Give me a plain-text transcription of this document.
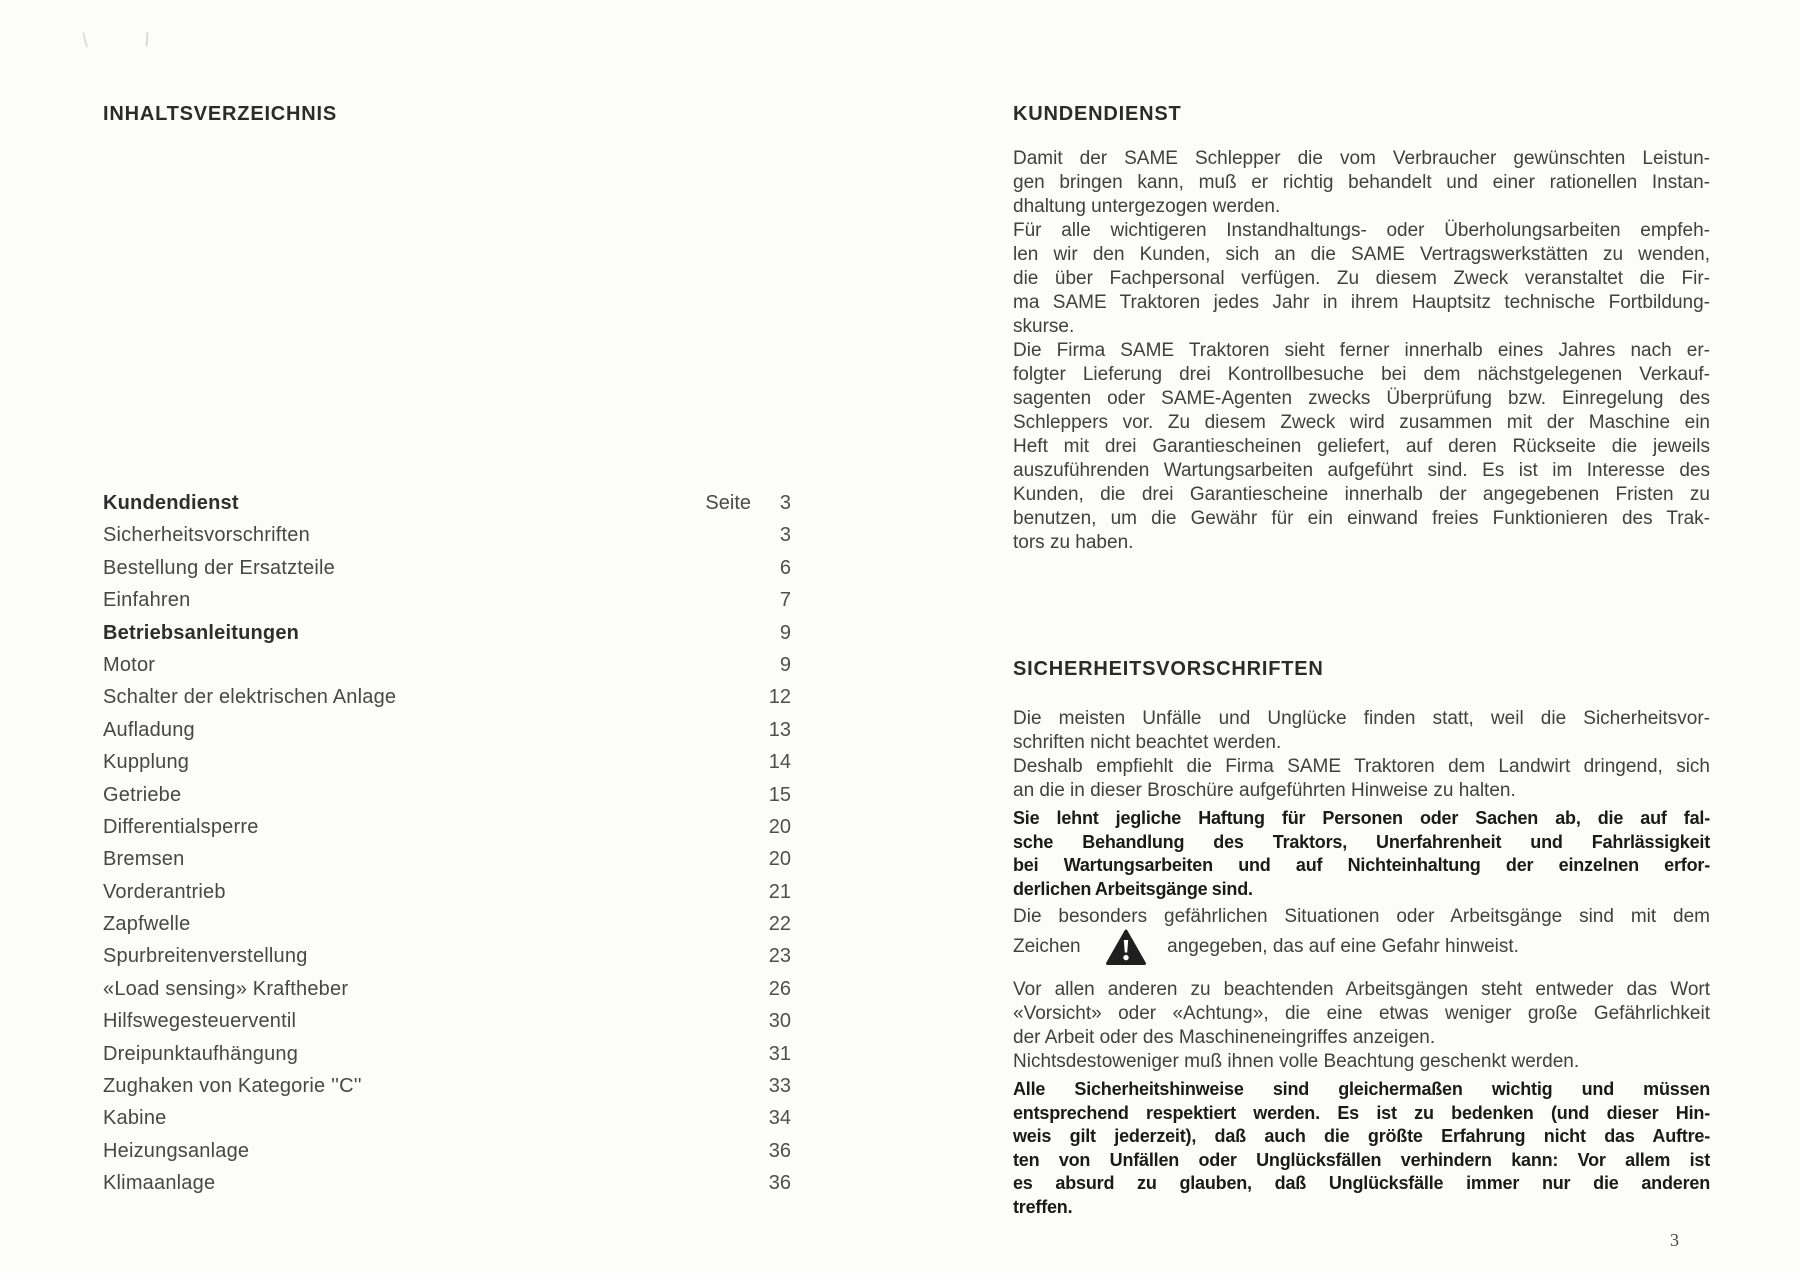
INHALTSVERZEICHNIS
Kundendienst	Seite	3
Sicherheitsvorschriften	3
Bestellung der Ersatzteile	6
Einfahren	7
Betriebsanleitungen	9
Motor	9
Schalter der elektrischen Anlage	12
Aufladung	13
Kupplung	14
Getriebe	15
Differentialsperre	20
Bremsen	20
Vorderantrieb	21
Zapfwelle	22
Spurbreitenverstellung	23
«Load sensing» Kraftheber	26
Hilfswegesteuerventil	30
Dreipunktaufhängung	31
Zughaken von Kategorie ''C''	33
Kabine	34
Heizungsanlage	36
Klimaanlage	36
KUNDENDIENST
Damit der SAME Schlepper die vom Verbraucher gewünschten Leistun-
gen bringen kann, muß er richtig behandelt und einer rationellen Instan-
dhaltung untergezogen werden.
Für alle wichtigeren Instandhaltungs- oder Überholungsarbeiten empfeh-
len wir den Kunden, sich an die SAME Vertragswerkstätten zu wenden,
die über Fachpersonal verfügen. Zu diesem Zweck veranstaltet die Fir-
ma SAME Traktoren jedes Jahr in ihrem Hauptsitz technische Fortbildung-
skurse.
Die Firma SAME Traktoren sieht ferner innerhalb eines Jahres nach er-
folgter Lieferung drei Kontrollbesuche bei dem nächstgelegenen Verkauf-
sagenten oder SAME-Agenten zwecks Überprüfung bzw. Einregelung des
Schleppers vor. Zu diesem Zweck wird zusammen mit der Maschine ein
Heft mit drei Garantiescheinen geliefert, auf deren Rückseite die jeweils
auszuführenden Wartungsarbeiten aufgeführt sind. Es ist im Interesse des
Kunden, die drei Garantiescheine innerhalb der angegebenen Fristen zu
benutzen, um die Gewähr für ein einwand freies Funktionieren des Trak-
tors zu haben.
SICHERHEITSVORSCHRIFTEN
Die meisten Unfälle und Unglücke finden statt, weil die Sicherheitsvor-
schriften nicht beachtet werden.
Deshalb empfiehlt die Firma SAME Traktoren dem Landwirt dringend, sich
an die in dieser Broschüre aufgeführten Hinweise zu halten.
Sie lehnt jegliche Haftung für Personen oder Sachen ab, die auf fal-
sche Behandlung des Traktors, Unerfahrenheit und Fahrlässigkeit
bei Wartungsarbeiten und auf Nichteinhaltung der einzelnen erfor-
derlichen Arbeitsgänge sind.
Die besonders gefährlichen Situationen oder Arbeitsgänge sind mit dem
Zeichen	angegeben, das auf eine Gefahr hinweist.
Vor allen anderen zu beachtenden Arbeitsgängen steht entweder das Wort
«Vorsicht» oder «Achtung», die eine etwas weniger große Gefährlichkeit
der Arbeit oder des Maschineneingriffes anzeigen.
Nichtsdestoweniger muß ihnen volle Beachtung geschenkt werden.
Alle Sicherheitshinweise sind gleichermaßen wichtig und müssen
entsprechend respektiert werden. Es ist zu bedenken (und dieser Hin-
weis gilt jederzeit), daß auch die größte Erfahrung nicht das Auftre-
ten von Unfällen oder Unglücksfällen verhindern kann: Vor allem ist
es absurd zu glauben, daß Unglücksfälle immer nur die anderen
treffen.
3
